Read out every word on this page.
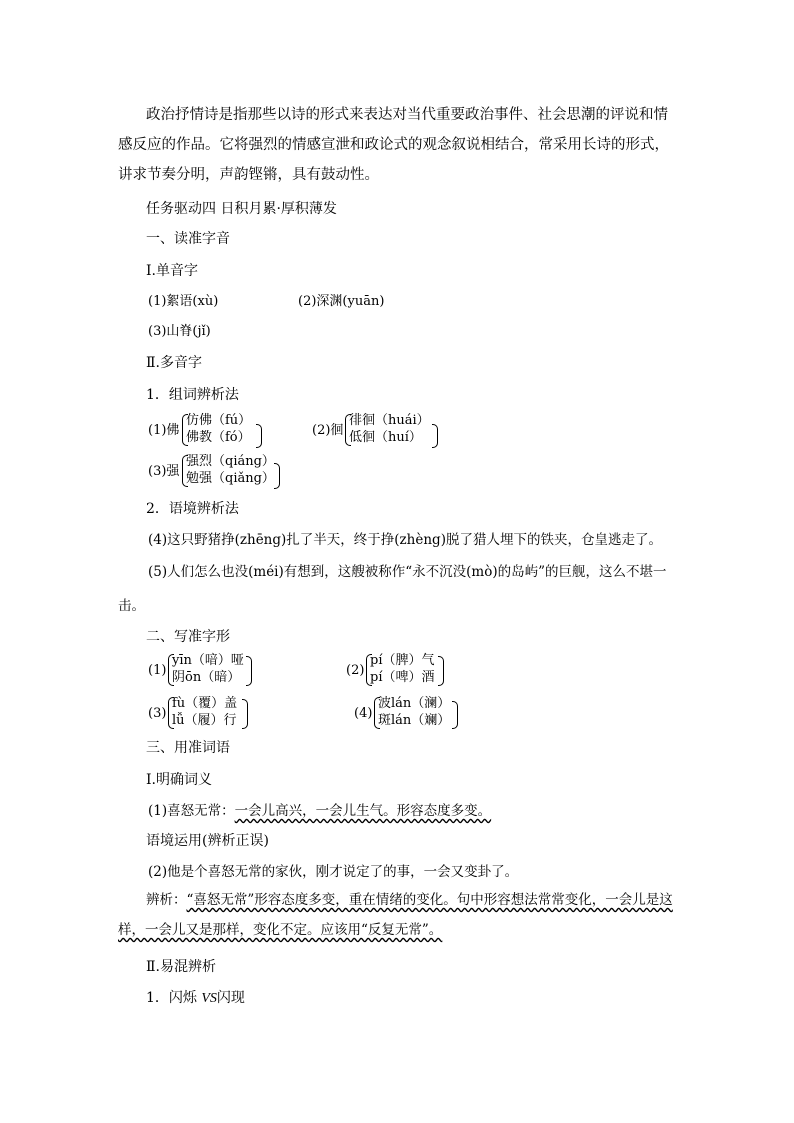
政治抒情诗是指那些以诗的形式来表达对当代重要政治事件、社会思潮的评说和情感反应的作品。它将强烈的情感宣泄和政论式的观念叙说相结合，常采用长诗的形式，讲求节奏分明，声韵铿锵，具有鼓动性。
任务驱动四 日积月累·厚积薄发
一、读准字音
Ⅰ.单音字
(1)絮语(xù)	(2)深渊(yuān)
(3)山脊(jǐ)
Ⅱ.多音字
1．组词辨析法
(1)佛
仿佛（fú）
佛教（fó）	(2)徊
徘徊（huái）
低徊（huí）
(3)强
强烈（qiáng）
勉强（qiǎng）
2．语境辨析法
(4)这只野猪挣(zhēng)扎了半天，终于挣(zhèng)脱了猎人埋下的铁夹，仓皇逃走了。
(5)人们怎么也没(méi)有想到，这艘被称作“永不沉没(mò)的岛屿”的巨舰，这么不堪一击。
二、写准字形
(1)
yīn（喑）哑
阴ōn（暗）	(2)
pí（脾）气
pí（啤）酒
(3)
fù（覆）盖
lǚ（履）行	(4)
波lán（澜）
斑lán（斓）
三、用准词语
Ⅰ.明确词义
(1)喜怒无常：一会儿高兴，一会儿生气。形容态度多变。
语境运用(辨析正误)
(2)他是个喜怒无常的家伙，刚才说定了的事，一会又变卦了。
辨析：“喜怒无常”形容态度多变，重在情绪的变化。句中形容想法常常变化，一会儿是这样，一会儿又是那样，变化不定。应该用“反复无常”。
Ⅱ.易混辨析
1．闪烁 VS闪现
